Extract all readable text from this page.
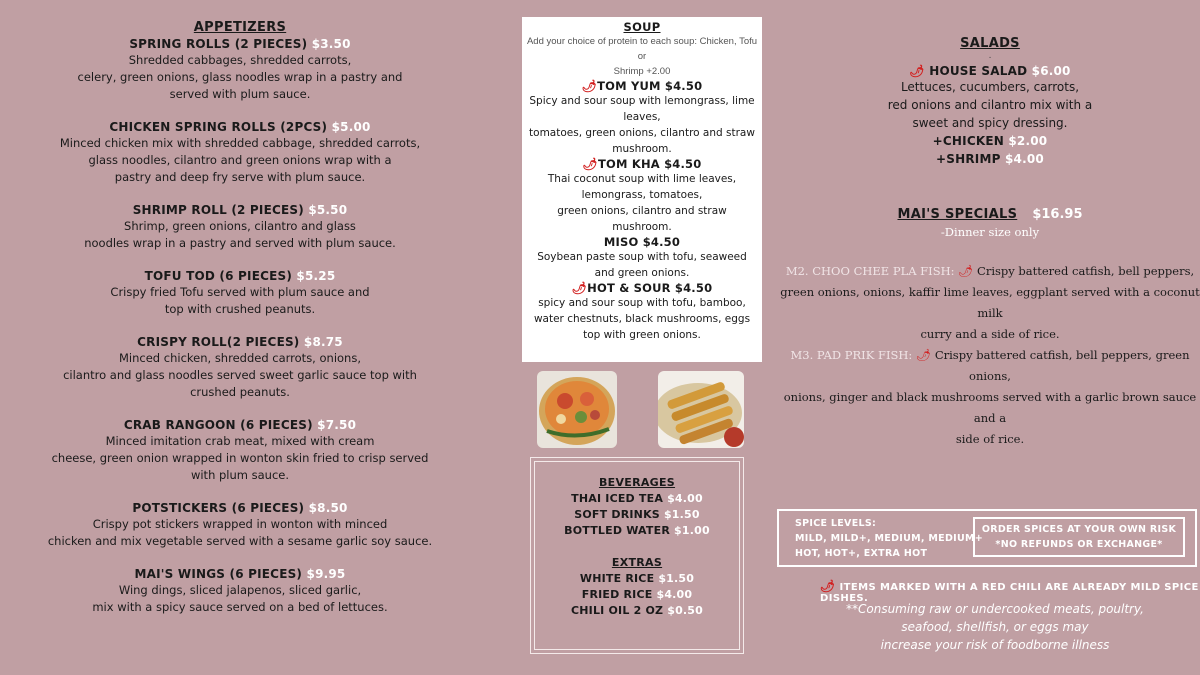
APPETIZERS
SPRING ROLLS (2 PIECES) $3.50
Shredded cabbages, shredded carrots,
celery, green onions, glass noodles wrap in a pastry and
served with plum sauce.
CHICKEN SPRING ROLLS (2PCS) $5.00
Minced chicken mix with shredded cabbage, shredded carrots,
glass noodles, cilantro and green onions wrap with a
pastry and deep fry serve with plum sauce.
SHRIMP ROLL (2 PIECES) $5.50
Shrimp, green onions, cilantro and glass
noodles wrap in a pastry and served with plum sauce.
TOFU TOD (6 PIECES) $5.25
Crispy fried Tofu served with plum sauce and
top with crushed peanuts.
CRISPY ROLL(2 PIECES) $8.75
Minced chicken, shredded carrots, onions,
cilantro and glass noodles served sweet garlic sauce top with
crushed peanuts.
CRAB RANGOON (6 PIECES) $7.50
Minced imitation crab meat, mixed with cream
cheese, green onion wrapped in wonton skin fried to crisp served
with plum sauce.
POTSTICKERS (6 PIECES) $8.50
Crispy pot stickers wrapped in wonton with minced
chicken and mix vegetable served with a sesame garlic soy sauce.
MAI'S WINGS (6 PIECES) $9.95
Wing dings, sliced jalapenos, sliced garlic,
mix with a spicy sauce served on a bed of lettuces.
SOUP
Add your choice of protein to each soup: Chicken, Tofu or
Shrimp +2.00
🌶TOM YUM $4.50
Spicy and sour soup with lemongrass, lime
leaves,
tomatoes, green onions, cilantro and straw
mushroom.
🌶TOM KHA $4.50
Thai coconut soup with lime leaves,
lemongrass, tomatoes,
green onions, cilantro and straw
mushroom.
MISO $4.50
Soybean paste soup with tofu, seaweed
and green onions.
🌶HOT & SOUR $4.50
spicy and sour soup with tofu, bamboo,
water chestnuts, black mushrooms, eggs
top with green onions.
BEVERAGES
THAI ICED TEA $4.00
SOFT DRINKS $1.50
BOTTLED WATER $1.00
EXTRAS
WHITE RICE $1.50
FRIED RICE $4.00
CHILI OIL 2 OZ $0.50
SALADS
.
🌶 HOUSE SALAD $6.00
Lettuces, cucumbers, carrots,
red onions and cilantro mix with a
sweet and spicy dressing.
+CHICKEN $2.00
+SHRIMP $4.00
MAI'S SPECIALS $16.95
-Dinner size only
M2. CHOO CHEE PLA FISH: 🌶 Crispy battered catfish, bell peppers,
green onions, onions, kaffir lime leaves, eggplant served with a coconut milk
curry and a side of rice.
M3. PAD PRIK FISH: 🌶 Crispy battered catfish, bell peppers, green onions,
onions, ginger and black mushrooms served with a garlic brown sauce and a
side of rice.
SPICE LEVELS:
MILD, MILD+, MEDIUM, MEDIUM+
HOT, HOT+, EXTRA HOT
ORDER SPICES AT YOUR OWN RISK
*NO REFUNDS OR EXCHANGE*
🌶 ITEMS MARKED WITH A RED CHILI ARE ALREADY MILD SPICE DISHES.
**Consuming raw or undercooked meats, poultry,
seafood, shellfish, or eggs may
increase your risk of foodborne illness
